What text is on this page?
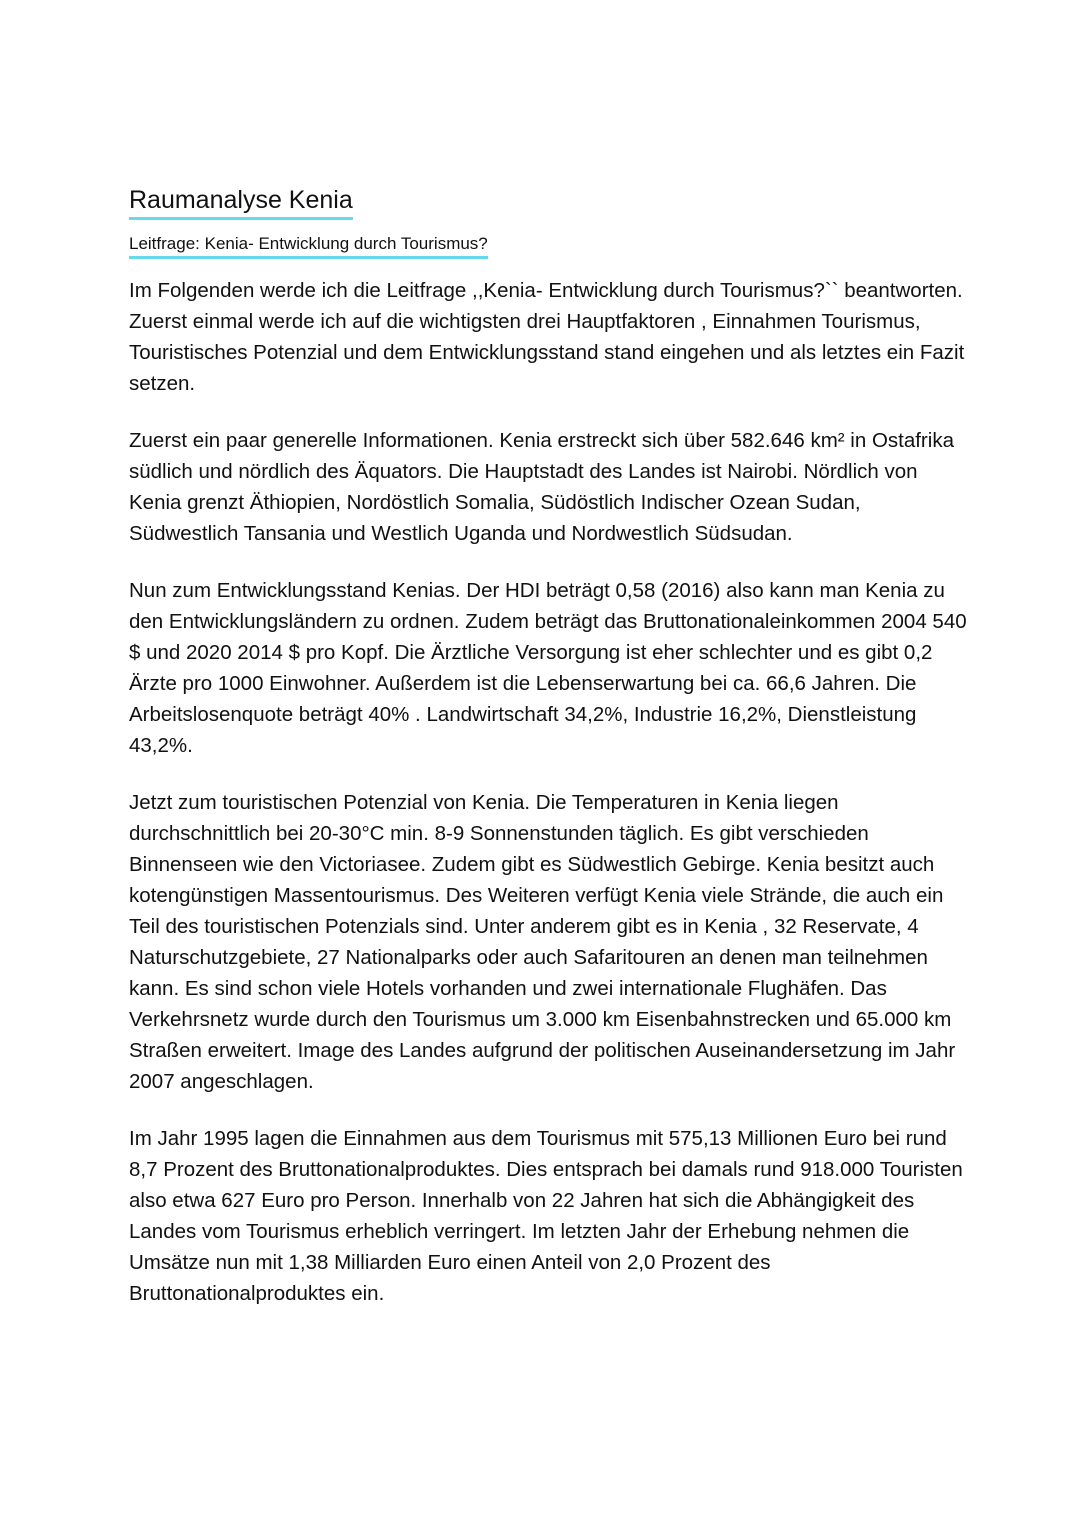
Raumanalyse Kenia
Leitfrage: Kenia- Entwicklung durch Tourismus?

Im Folgenden werde ich die Leitfrage ,,Kenia- Entwicklung durch Tourismus?`` beantworten. Zuerst einmal werde ich auf die wichtigsten drei Hauptfaktoren , Einnahmen Tourismus, Touristisches Potenzial und dem Entwicklungsstand stand eingehen und als letztes ein Fazit setzen.

Zuerst ein paar generelle Informationen. Kenia erstreckt sich über 582.646 km² in Ostafrika südlich und nördlich des Äquators. Die Hauptstadt des Landes ist Nairobi. Nördlich von Kenia grenzt Äthiopien, Nordöstlich Somalia, Südöstlich Indischer Ozean Sudan, Südwestlich Tansania und Westlich Uganda und Nordwestlich Südsudan.

Nun zum Entwicklungsstand Kenias. Der HDI beträgt 0,58 (2016) also kann man Kenia zu den Entwicklungsländern zu ordnen. Zudem beträgt das Bruttonationaleinkommen 2004 540 $ und 2020 2014 $ pro Kopf. Die Ärztliche Versorgung ist eher schlechter und es gibt 0,2 Ärzte pro 1000 Einwohner. Außerdem ist die Lebenserwartung bei ca. 66,6 Jahren. Die Arbeitslosenquote beträgt 40% . Landwirtschaft 34,2%, Industrie 16,2%, Dienstleistung 43,2%.

Jetzt zum touristischen Potenzial von Kenia. Die Temperaturen in Kenia liegen durchschnittlich bei 20-30°C min. 8-9 Sonnenstunden täglich. Es gibt verschieden Binnenseen wie den Victoriasee. Zudem gibt es Südwestlich Gebirge. Kenia besitzt auch kotengünstigen Massentourismus. Des Weiteren verfügt Kenia viele Strände, die auch ein Teil des touristischen Potenzials sind. Unter anderem gibt es in Kenia , 32 Reservate, 4 Naturschutzgebiete, 27 Nationalparks oder auch Safaritouren an denen man teilnehmen kann. Es sind schon viele Hotels vorhanden und zwei internationale Flughäfen. Das Verkehrsnetz wurde durch den Tourismus um 3.000 km Eisenbahnstrecken und 65.000 km Straßen erweitert. Image des Landes aufgrund der politischen Auseinandersetzung im Jahr 2007 angeschlagen.

Im Jahr 1995 lagen die Einnahmen aus dem Tourismus mit 575,13 Millionen Euro bei rund 8,7 Prozent des Bruttonationalproduktes. Dies entsprach bei damals rund 918.000 Touristen also etwa 627 Euro pro Person. Innerhalb von 22 Jahren hat sich die Abhängigkeit des Landes vom Tourismus erheblich verringert. Im letzten Jahr der Erhebung nehmen die Umsätze nun mit 1,38 Milliarden Euro einen Anteil von 2,0 Prozent des Bruttonationalproduktes ein.
